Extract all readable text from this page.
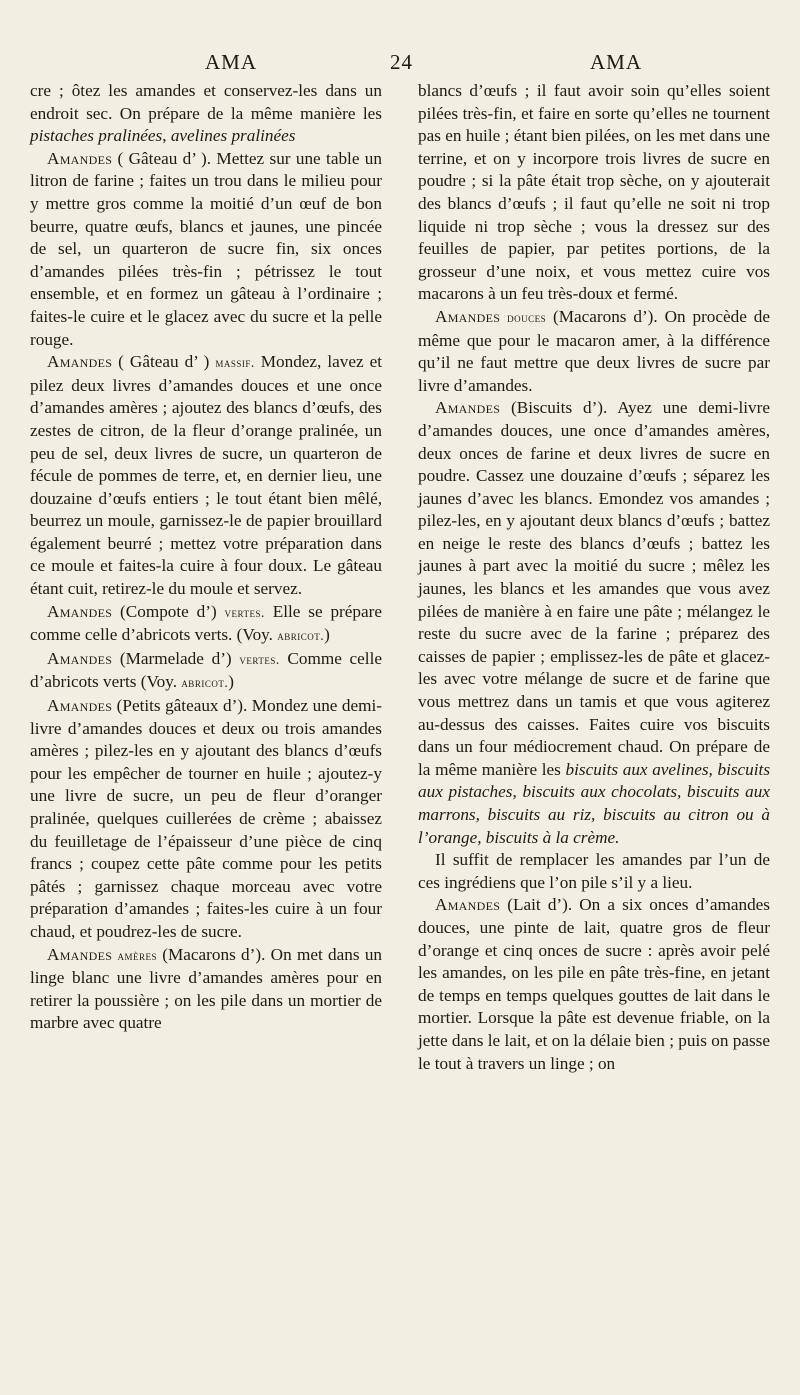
AMA	24	AMA

cre ; ôtez les amandes et conservez-les dans un endroit sec. On prépare de la même manière les pistaches pralinées, avelines pralinées

Amandes ( Gâteau d’ ). Mettez sur une table un litron de farine ; faites un trou dans le milieu pour y mettre gros comme la moitié d’un œuf de bon beurre, quatre œufs, blancs et jaunes, une pincée de sel, un quarteron de sucre fin, six onces d’amandes pilées très-fin ; pétrissez le tout ensemble, et en formez un gâteau à l’ordinaire ; faites-le cuire et le glacez avec du sucre et la pelle rouge.

Amandes ( Gâteau d’ ) massif. Mondez, lavez et pilez deux livres d’amandes douces et une once d’amandes amères ; ajoutez des blancs d’œufs, des zestes de citron, de la fleur d’orange pralinée, un peu de sel, deux livres de sucre, un quarteron de fécule de pommes de terre, et, en dernier lieu, une douzaine d’œufs entiers ; le tout étant bien mêlé, beurrez un moule, garnissez-le de papier brouillard également beurré ; mettez votre préparation dans ce moule et faites-la cuire à four doux. Le gâteau étant cuit, retirez-le du moule et servez.

Amandes (Compote d’) vertes. Elle se prépare comme celle d’abricots verts. (Voy. abricot.)

Amandes (Marmelade d’) vertes. Comme celle d’abricots verts (Voy. abricot.)

Amandes (Petits gâteaux d’). Mondez une demi-livre d’amandes douces et deux ou trois amandes amères ; pilez-les en y ajoutant des blancs d’œufs pour les empêcher de tourner en huile ; ajoutez-y une livre de sucre, un peu de fleur d’oranger pralinée, quelques cuillerées de crème ; abaissez du feuilletage de l’épaisseur d’une pièce de cinq francs ; coupez cette pâte comme pour les petits pâtés ; garnissez chaque morceau avec votre préparation d’amandes ; faites-les cuire à un four chaud, et poudrez-les de sucre.

Amandes amères (Macarons d’). On met dans un linge blanc une livre d’amandes amères pour en retirer la poussière ; on les pile dans un mortier de marbre avec quatre

blancs d’œufs ; il faut avoir soin qu’elles soient pilées très-fin, et faire en sorte qu’elles ne tournent pas en huile ; étant bien pilées, on les met dans une terrine, et on y incorpore trois livres de sucre en poudre ; si la pâte était trop sèche, on y ajouterait des blancs d’œufs ; il faut qu’elle ne soit ni trop liquide ni trop sèche ; vous la dressez sur des feuilles de papier, par petites portions, de la grosseur d’une noix, et vous mettez cuire vos macarons à un feu très-doux et fermé.

Amandes douces (Macarons d’). On procède de même que pour le macaron amer, à la différence qu’il ne faut mettre que deux livres de sucre par livre d’amandes.

Amandes (Biscuits d’). Ayez une demi-livre d’amandes douces, une once d’amandes amères, deux onces de farine et deux livres de sucre en poudre. Cassez une douzaine d’œufs ; séparez les jaunes d’avec les blancs. Emondez vos amandes ; pilez-les, en y ajoutant deux blancs d’œufs ; battez en neige le reste des blancs d’œufs ; battez les jaunes à part avec la moitié du sucre ; mêlez les jaunes, les blancs et les amandes que vous avez pilées de manière à en faire une pâte ; mélangez le reste du sucre avec de la farine ; préparez des caisses de papier ; emplissez-les de pâte et glacez-les avec votre mélange de sucre et de farine que vous mettrez dans un tamis et que vous agiterez au-dessus des caisses. Faites cuire vos biscuits dans un four médiocrement chaud. On prépare de la même manière les biscuits aux avelines, biscuits aux pistaches, biscuits aux chocolats, biscuits aux marrons, biscuits au riz, biscuits au citron ou à l’orange, biscuits à la crème.

Il suffit de remplacer les amandes par l’un de ces ingrédiens que l’on pile s’il y a lieu.

Amandes (Lait d’). On a six onces d’amandes douces, une pinte de lait, quatre gros de fleur d’orange et cinq onces de sucre : après avoir pelé les amandes, on les pile en pâte très-fine, en jetant de temps en temps quelques gouttes de lait dans le mortier. Lorsque la pâte est devenue friable, on la jette dans le lait, et on la délaie bien ; puis on passe le tout à travers un linge ; on
